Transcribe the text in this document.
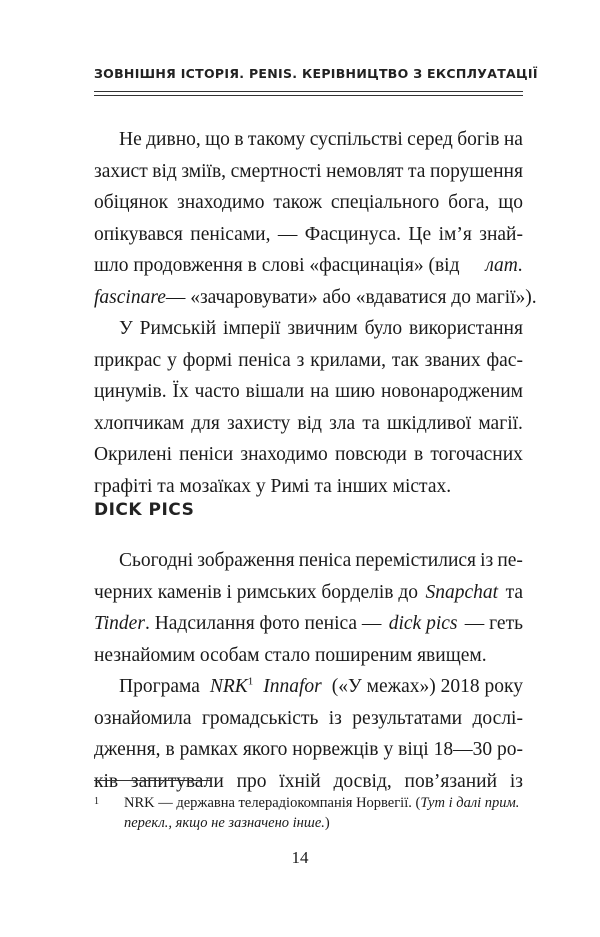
ЗОВНІШНЯ ІСТОРІЯ. PENIS. КЕРІВНИЦТВО З ЕКСПЛУАТАЦІЇ
Не дивно, що в такому суспільстві серед богів на
захист від зміїв, смертності немовлят та порушення
обіцянок знаходимо також спеціального бога, що
опікувався пенісами, — Фасцинуса. Це ім’я знай-
шло продовження в слові «фасцинація» (від лат.
fascinare — «зачаровувати» або «вдаватися до магії»).
У Римській імперії звичним було використання
прикрас у формі пеніса з крилами, так званих фас-
цинумів. Їх часто вішали на шию новонародженим
хлопчикам для захисту від зла та шкідливої магії.
Окрилені пеніси знаходимо повсюди в тогочасних
графіті та мозаїках у Римі та інших містах.
DICK PICS
Сьогодні зображення пеніса перемістилися із пе-
черних каменів і римських борделів до Snapchat та
Tinder. Надсилання фото пеніса — dick pics — геть
незнайомим особам стало поширеним явищем.
Програма NRK$^1$ Innafor («У межах») 2018 року
ознайомила громадськість із результатами дослі-
дження, в рамках якого норвежців у віці 18—30 ро-
ків запитували про їхній досвід, пов’язаний із
1	NRK — державна телерадіокомпанія Норвегії. (Тут і далі прим.
перекл., якщо не зазначено інше.)
14
